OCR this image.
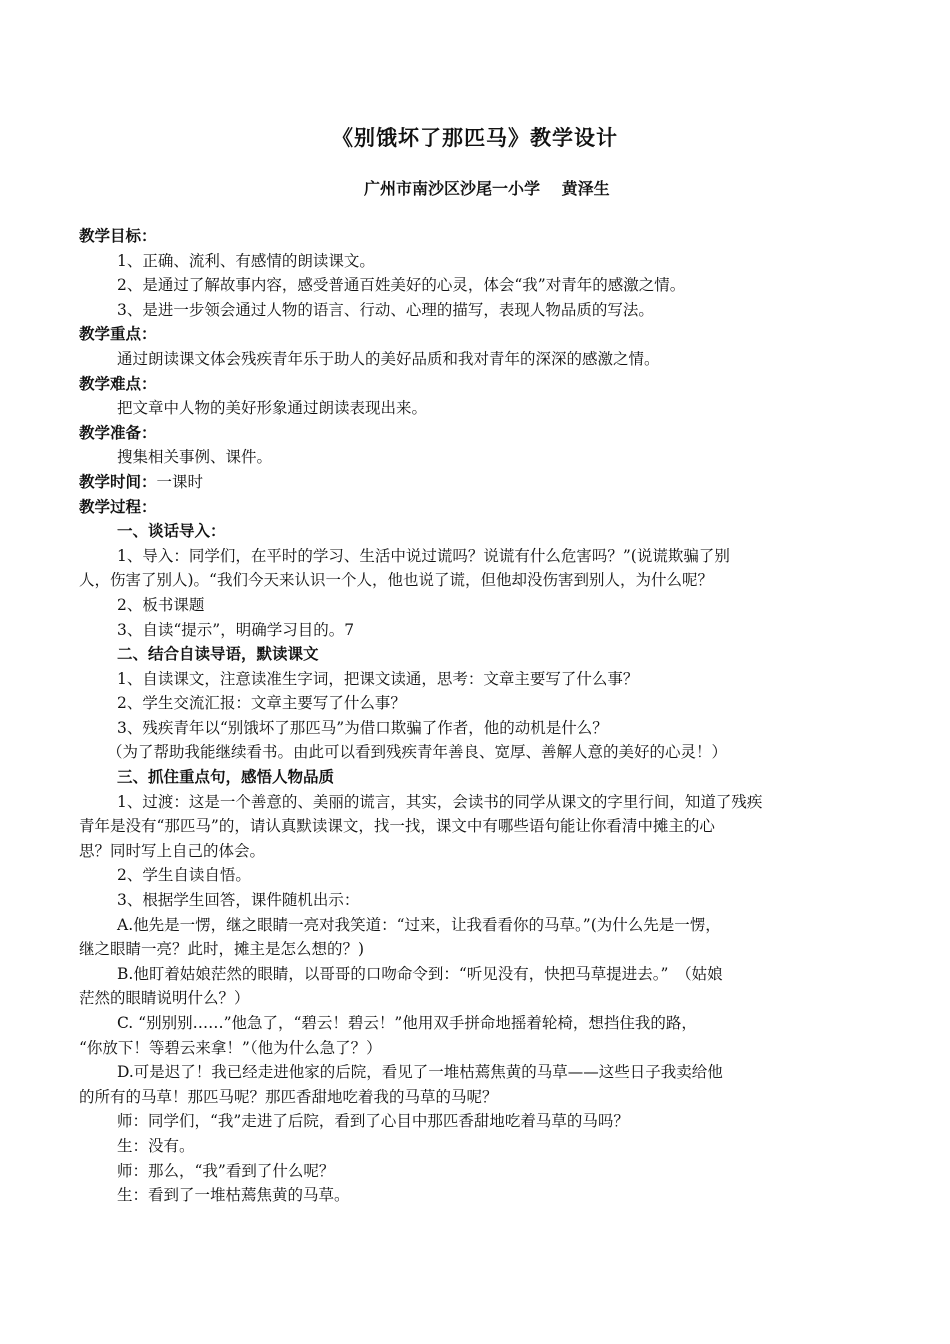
《别饿坏了那匹马》教学设计
广州市南沙区沙尾一小学　 黄泽生
教学目标：
1、正确、流利、有感情的朗读课文。
2、是通过了解故事内容，感受普通百姓美好的心灵，体会“我”对青年的感激之情。
3、是进一步领会通过人物的语言、行动、心理的描写，表现人物品质的写法。
教学重点：
通过朗读课文体会残疾青年乐于助人的美好品质和我对青年的深深的感激之情。
教学难点：
把文章中人物的美好形象通过朗读表现出来。
教学准备：
搜集相关事例、课件。
教学时间：一课时
教学过程：
一、谈话导入：
1、导入：同学们，在平时的学习、生活中说过谎吗？说谎有什么危害吗？”(说谎欺骗了别
人，伤害了别人)。“我们今天来认识一个人，他也说了谎，但他却没伤害到别人，为什么呢？
2、板书课题
3、自读“提示”，明确学习目的。7
二、结合自读导语，默读课文
1、自读课文，注意读准生字词，把课文读通，思考：文章主要写了什么事？
2、学生交流汇报：文章主要写了什么事？
3、残疾青年以“别饿坏了那匹马”为借口欺骗了作者，他的动机是什么？
（为了帮助我能继续看书。由此可以看到残疾青年善良、宽厚、善解人意的美好的心灵！）
三、抓住重点句，感悟人物品质
1、过渡：这是一个善意的、美丽的谎言，其实，会读书的同学从课文的字里行间，知道了残疾
青年是没有“那匹马”的，请认真默读课文，找一找，课文中有哪些语句能让你看清中摊主的心
思？同时写上自己的体会。
2、学生自读自悟。
3、根据学生回答，课件随机出示：
A.他先是一愣，继之眼睛一亮对我笑道：“过来，让我看看你的马草。”(为什么先是一愣，
继之眼睛一亮？此时，摊主是怎么想的？)
B.他盯着姑娘茫然的眼睛，以哥哥的口吻命令到：“听见没有，快把马草提进去。”　（姑娘
茫然的眼睛说明什么？）
C. “别别别……”他急了，“碧云！碧云！”他用双手拼命地摇着轮椅，想挡住我的路，
“你放下！等碧云来拿！”（他为什么急了？）
D.可是迟了！我已经走进他家的后院，看见了一堆枯蔫焦黄的马草——这些日子我卖给他
的所有的马草！那匹马呢？那匹香甜地吃着我的马草的马呢？
师：同学们，“我”走进了后院，看到了心目中那匹香甜地吃着马草的马吗？
生：没有。
师：那么，“我”看到了什么呢？
生：看到了一堆枯蔫焦黄的马草。
